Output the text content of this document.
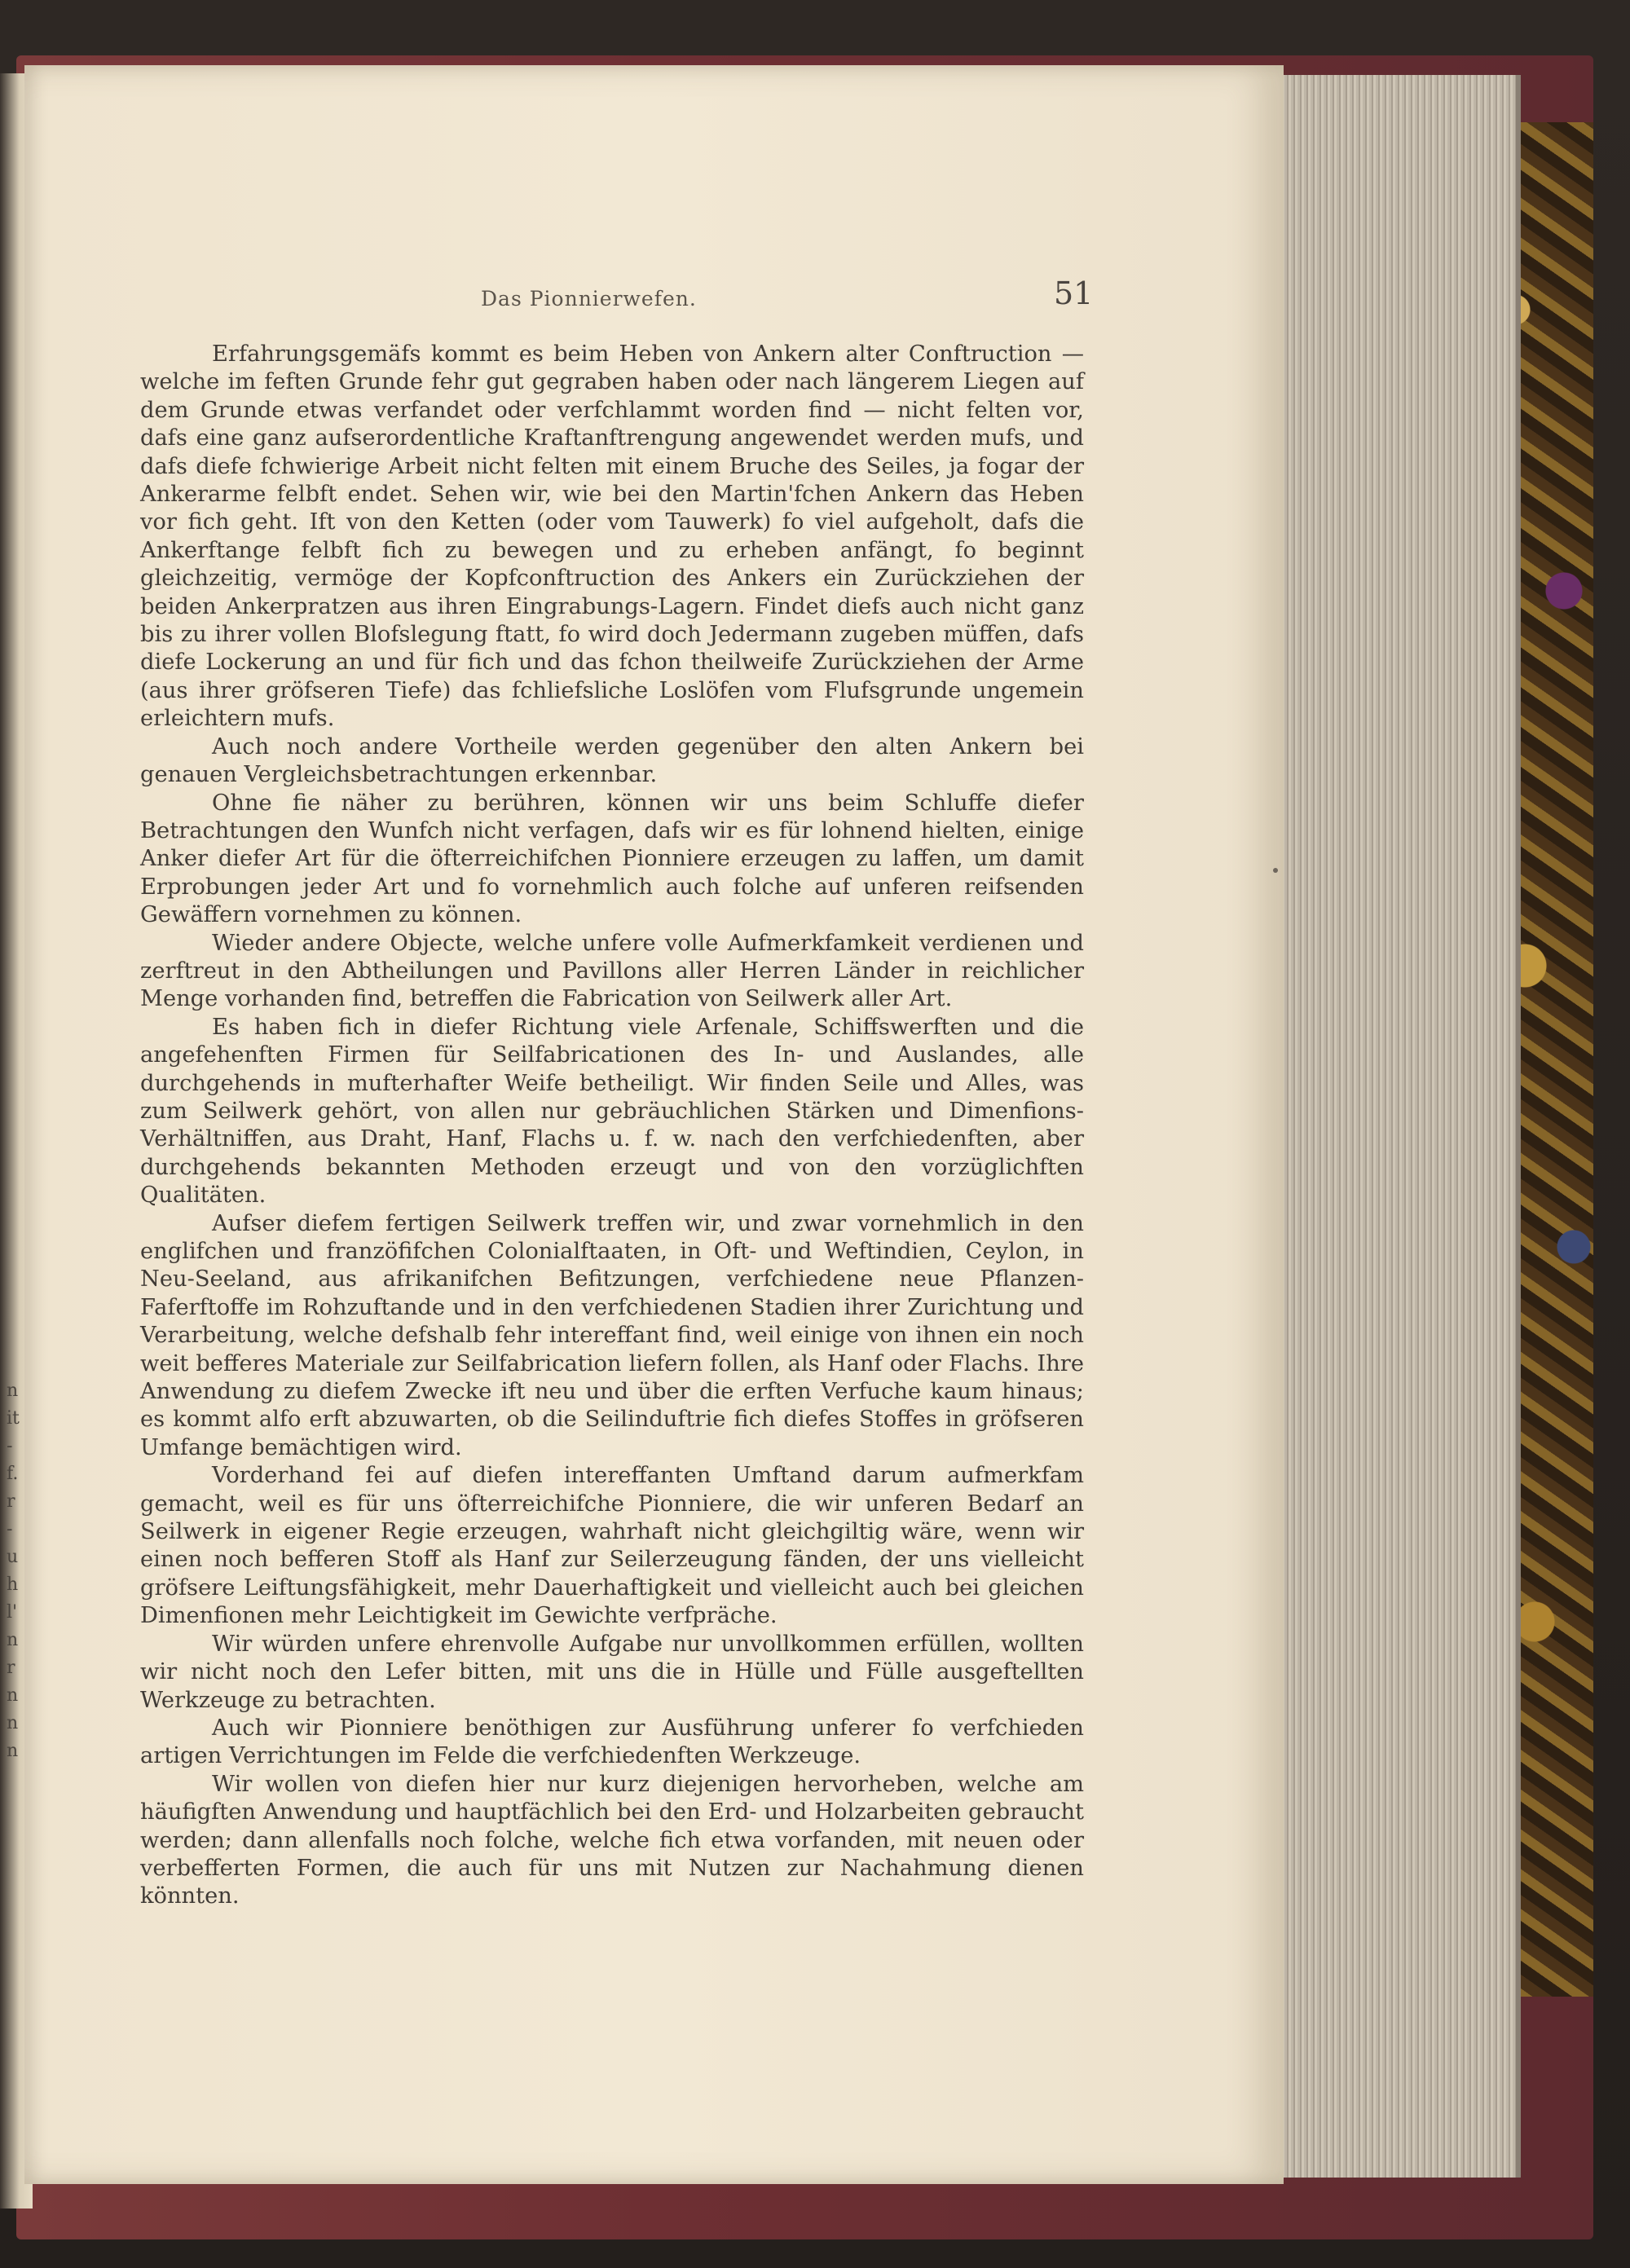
Das Pionnierwefen.	51

Erfahrungsgemäfs kommt es beim Heben von Ankern alter Conftruction — welche im feften Grunde fehr gut gegraben haben oder nach längerem Liegen auf dem Grunde etwas verfandet oder verfchlammt worden find — nicht felten vor, dafs eine ganz aufserordentliche Kraftanftrengung angewendet werden mufs, und dafs diefe fchwierige Arbeit nicht felten mit einem Bruche des Seiles, ja fogar der Ankerarme felbft endet. Sehen wir, wie bei den Martin'fchen Ankern das Heben vor fich geht. Ift von den Ketten (oder vom Tauwerk) fo viel aufgeholt, dafs die Ankerftange felbft fich zu bewegen und zu erheben anfängt, fo beginnt gleichzeitig, vermöge der Kopfconftruction des Ankers ein Zurückziehen der beiden Ankerpratzen aus ihren Eingrabungs-Lagern. Findet diefs auch nicht ganz bis zu ihrer vollen Blofslegung ftatt, fo wird doch Jedermann zugeben müffen, dafs diefe Lockerung an und für fich und das fchon theilweife Zurückziehen der Arme (aus ihrer gröfseren Tiefe) das fchliefsliche Loslöfen vom Flufsgrunde ungemein erleichtern mufs.

Auch noch andere Vortheile werden gegenüber den alten Ankern bei genauen Vergleichsbetrachtungen erkennbar.

Ohne fie näher zu berühren, können wir uns beim Schluffe diefer Betrachtungen den Wunfch nicht verfagen, dafs wir es für lohnend hielten, einige Anker diefer Art für die öfterreichifchen Pionniere erzeugen zu laffen, um damit Erprobungen jeder Art und fo vornehmlich auch folche auf unferen reifsenden Gewäffern vornehmen zu können.

Wieder andere Objecte, welche unfere volle Aufmerkfamkeit verdienen und zerftreut in den Abtheilungen und Pavillons aller Herren Länder in reichlicher Menge vorhanden find, betreffen die Fabrication von Seilwerk aller Art.

Es haben fich in diefer Richtung viele Arfenale, Schiffswerften und die angefehenften Firmen für Seilfabricationen des In- und Auslandes, alle durchgehends in mufterhafter Weife betheiligt. Wir finden Seile und Alles, was zum Seilwerk gehört, von allen nur gebräuchlichen Stärken und Dimenfions-Verhältniffen, aus Draht, Hanf, Flachs u. f. w. nach den verfchiedenften, aber durchgehends bekannten Methoden erzeugt und von den vorzüglichften Qualitäten.

Aufser diefem fertigen Seilwerk treffen wir, und zwar vornehmlich in den englifchen und franzöfifchen Colonialftaaten, in Oft- und Weftindien, Ceylon, in Neu-Seeland, aus afrikanifchen Befitzungen, verfchiedene neue Pflanzen-Faferftoffe im Rohzuftande und in den verfchiedenen Stadien ihrer Zurichtung und Verarbeitung, welche defshalb fehr intereffant find, weil einige von ihnen ein noch weit befferes Materiale zur Seilfabrication liefern follen, als Hanf oder Flachs. Ihre Anwendung zu diefem Zwecke ift neu und über die erften Verfuche kaum hinaus; es kommt alfo erft abzuwarten, ob die Seilinduftrie fich diefes Stoffes in gröfseren Umfange bemächtigen wird.

Vorderhand fei auf diefen intereffanten Umftand darum aufmerkfam gemacht, weil es für uns öfterreichifche Pionniere, die wir unferen Bedarf an Seilwerk in eigener Regie erzeugen, wahrhaft nicht gleichgiltig wäre, wenn wir einen noch befferen Stoff als Hanf zur Seilerzeugung fänden, der uns vielleicht gröfsere Leiftungsfähigkeit, mehr Dauerhaftigkeit und vielleicht auch bei gleichen Dimenfionen mehr Leichtigkeit im Gewichte verfpräche.

Wir würden unfere ehrenvolle Aufgabe nur unvollkommen erfüllen, wollten wir nicht noch den Lefer bitten, mit uns die in Hülle und Fülle ausgeftellten Werkzeuge zu betrachten.

Auch wir Pionniere benöthigen zur Ausführung unferer fo verfchieden artigen Verrichtungen im Felde die verfchiedenften Werkzeuge.

Wir wollen von diefen hier nur kurz diejenigen hervorheben, welche am häufigften Anwendung und hauptfächlich bei den Erd- und Holzarbeiten gebraucht werden; dann allenfalls noch folche, welche fich etwa vorfanden, mit neuen oder verbefferten Formen, die auch für uns mit Nutzen zur Nachahmung dienen könnten.

n
it
-
f.
r
-
u
h
l'
n
r
n
n
n
